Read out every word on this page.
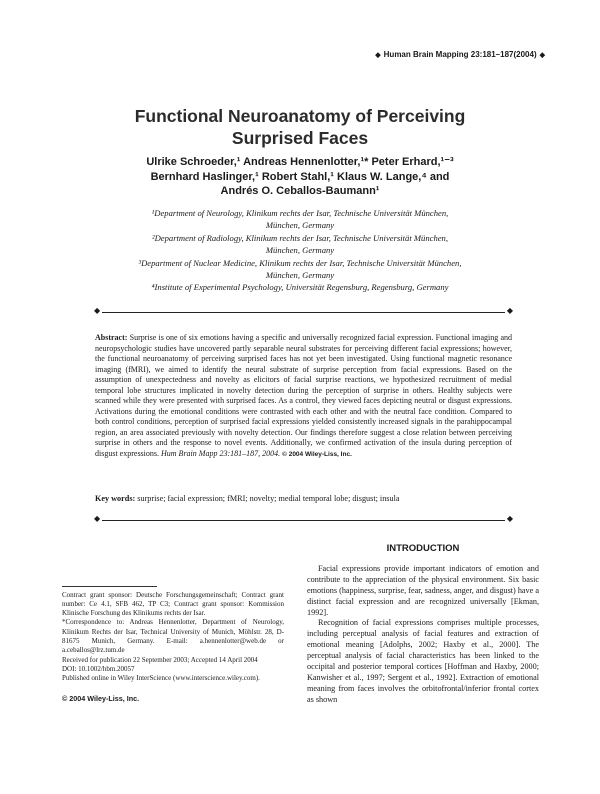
◆ Human Brain Mapping 23:181–187(2004) ◆
Functional Neuroanatomy of Perceiving
Surprised Faces
Ulrike Schroeder,¹ Andreas Hennenlotter,¹* Peter Erhard,¹⁻³
Bernhard Haslinger,¹ Robert Stahl,¹ Klaus W. Lange,⁴ and
Andrés O. Ceballos-Baumann¹
¹Department of Neurology, Klinikum rechts der Isar, Technische Universität München,
München, Germany
²Department of Radiology, Klinikum rechts der Isar, Technische Universität München,
München, Germany
³Department of Nuclear Medicine, Klinikum rechts der Isar, Technische Universität München,
München, Germany
⁴Institute of Experimental Psychology, Universität Regensburg, Regensburg, Germany
◆	◆
Abstract: Surprise is one of six emotions having a specific and universally recognized facial expression. Functional imaging and neuropsychologic studies have uncovered partly separable neural substrates for perceiving different facial expressions; however, the functional neuroanatomy of perceiving surprised faces has not yet been investigated. Using functional magnetic resonance imaging (fMRI), we aimed to identify the neural substrate of surprise perception from facial expressions. Based on the assumption of unexpectedness and novelty as elicitors of facial surprise reactions, we hypothesized recruitment of medial temporal lobe structures implicated in novelty detection during the perception of surprise in others. Healthy subjects were scanned while they were presented with surprised faces. As a control, they viewed faces depicting neutral or disgust expressions. Activations during the emotional conditions were contrasted with each other and with the neutral face condition. Compared to both control conditions, perception of surprised facial expressions yielded consistently increased signals in the parahippocampal region, an area associated previously with novelty detection. Our findings therefore suggest a close relation between perceiving surprise in others and the response to novel events. Additionally, we confirmed activation of the insula during perception of disgust expressions. Hum Brain Mapp 23:181–187, 2004. © 2004 Wiley-Liss, Inc.
Key words: surprise; facial expression; fMRI; novelty; medial temporal lobe; disgust; insula
◆	◆

Contract grant sponsor: Deutsche Forschungsgemeinschaft; Contract grant number: Ce 4.1, SFB 462, TP C3; Contract grant sponsor: Kommission Klinische Forschung des Klinikums rechts der Isar.

*Correspondence to: Andreas Hennenlotter, Department of Neurology, Klinikum Rechts der Isar, Technical University of Munich, Möhlstr. 28, D-81675 Munich, Germany. E-mail: a.hennenlotter@web.de or a.ceballos@lrz.tum.de

Received for publication 22 September 2003; Accepted 14 April 2004

DOI: 10.1002/hbm.20057

Published online in Wiley InterScience (www.interscience.wiley.com).

© 2004 Wiley-Liss, Inc.

INTRODUCTION

Facial expressions provide important indicators of emotion and contribute to the appreciation of the physical environment. Six basic emotions (happiness, surprise, fear, sadness, anger, and disgust) have a distinct facial expression and are recognized universally [Ekman, 1992].

Recognition of facial expressions comprises multiple processes, including perceptual analysis of facial features and extraction of emotional meaning [Adolphs, 2002; Haxby et al., 2000]. The perceptual analysis of facial characteristics has been linked to the occipital and posterior temporal cortices [Hoffman and Haxby, 2000; Kanwisher et al., 1997; Sergent et al., 1992]. Extraction of emotional meaning from faces involves the orbitofrontal/inferior frontal cortex as shown
